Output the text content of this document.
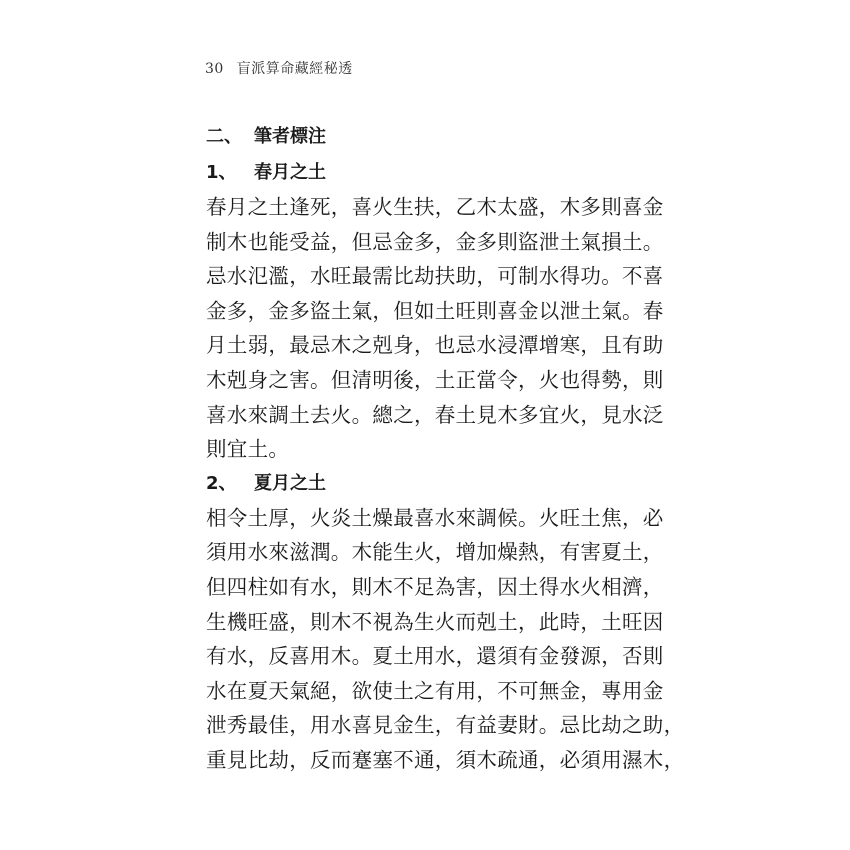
30 盲派算命藏經秘透
二、 筆者標注
1、 春月之土
春月之土逢死，喜火生扶，乙木太盛，木多則喜金
制木也能受益，但忌金多，金多則盜泄土氣損土。
忌水氾濫，水旺最需比劫扶助，可制水得功。不喜
金多，金多盜土氣，但如土旺則喜金以泄土氣。春
月土弱，最忌木之剋身，也忌水浸潭增寒，且有助
木剋身之害。但清明後，土正當令，火也得勢，則
喜水來調土去火。總之，春土見木多宜火，見水泛
則宜土。
2、 夏月之土
相令土厚，火炎土燥最喜水來調候。火旺土焦，必
須用水來滋潤。木能生火，增加燥熱，有害夏土，
但四柱如有水，則木不足為害，因土得水火相濟，
生機旺盛，則木不視為生火而剋土，此時，土旺因
有水，反喜用木。夏土用水，還須有金發源，否則
水在夏天氣絕，欲使土之有用，不可無金，專用金
泄秀最佳，用水喜見金生，有益妻財。忌比劫之助，
重見比劫，反而蹇塞不通，須木疏通，必須用濕木，
